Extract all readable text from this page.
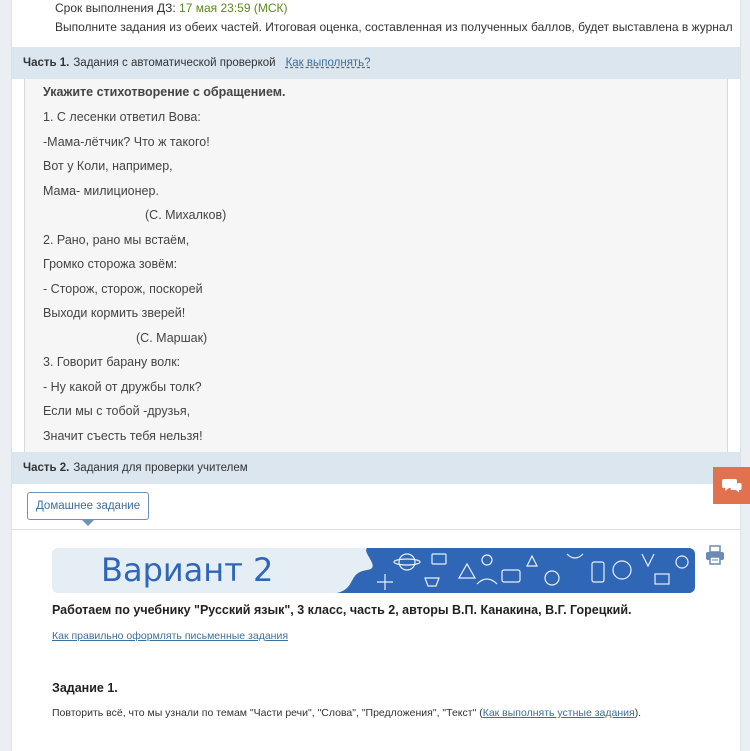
Срок выполнения ДЗ: 17 мая 23:59 (МСК)
Выполните задания из обеих частей. Итоговая оценка, составленная из полученных баллов, будет выставлена в журнал
Часть 1. Задания с автоматической проверкой Как выполнять?
Укажите стихотворение с обращением.
1. С лесенки ответил Вова:
-Мама-лётчик? Что ж такого!
Вот у Коли, например,
Мама- милиционер.
(С. Михалков)
2. Рано, рано мы встаём,
Громко сторожа зовём:
- Сторож, сторож, поскорей
Выходи кормить зверей!
(С. Маршак)
3. Говорит барану волк:
- Ну какой от дружбы толк?
Если мы с тобой -друзья,
Значит съесть тебя нельзя!
Часть 2. Задания для проверки учителем
Домашнее задание
Вариант 2
Работаем по учебнику "Русский язык", 3 класс, часть 2, авторы В.П. Канакина, В.Г. Горецкий.
Как правильно оформлять письменные задания
Задание 1.
Повторить всё, что мы узнали по темам "Части речи", "Слова", "Предложения", "Текст" (Как выполнять устные задания).
